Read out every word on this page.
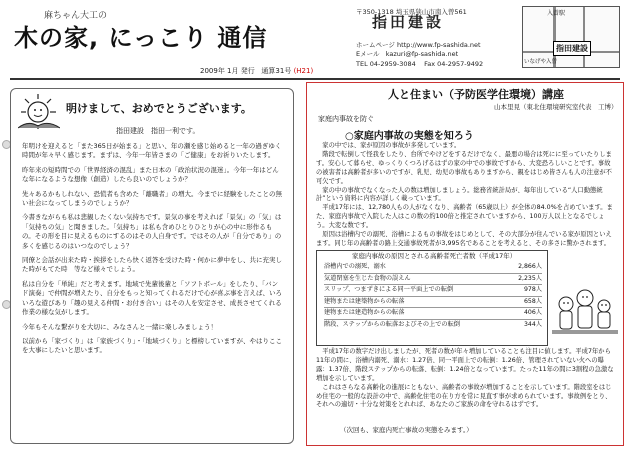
麻ちゃん大工の
木の家, にっこり 通信
2009年 1月 発行 通算31号 (H21)
〒350-1318 埼玉県狭山市南入曽561
指田建設
ホームページ http://www.fp-sashida.net
Eメール kazuri@fp-sashida.net
TEL 04-2959-3084 Fax 04-2957-9492
入曽駅
指田建設
いなげや入曽
明けまして、おめでとうございます。
指田建設　指田一利です。

年明けを迎えると「また365日が始まる」と思い、年の瀬を感じ始めると一年の過ぎゆく時間が年々早く感じます。まずは、今年一年皆さまの「ご健康」をお祈りいたします。

昨年来の短時間での「世界経済の混乱」また日本の「政治状況の混迷」。今年一年はどんな年になるような想像（創造）したら良いのでしょうか？

先々あるかもしれない、恐慌者も含めた「離職者」の増大。今までに経験をしたことの無い社会になってしまうのでしょうか？

今書きながらも私は悲観したくない気持ちです。景気の事を考えれば「景気」の「気」は「気持ちの気」と聞きました。「気持ち」は私も含めひとりひとりが心の中に形作るもの。その形を目に見えるものにするのはその人自身です。ではその人が「自分であり」の多くを感じるのはいつなのでしょう？

同僚と会話が出来た時・挨拶をしたら快く返答を受けた時・何かに夢中をし、共に充実した時がもてた時　等など様々でしょう。

私は自分を「単純」だと考えます。地域で先輩後輩と「ソフトボール」をしたり、「バンド演奏」で仲間が増えたり、自分をもっと知ってくれるだけで心が喜ぶ事を言えば、いろいろな遊びあり「趣の見える仲間・お付き合い」はその人を安定させ、成長させてくれる作業の様な気がします。

今年もそんな繋がりを大切に、みなさんと一緒に楽しみましょう！

以前から「家づくり」は「家族づくり」・「地域づくり」と標榜していますが、やはりここを大事にしたいと思います。

人と住まい（予防医学住環境）講座
山本里見（東北住環境研究室代表　工博）
家庭内事故を防ぐ
○家庭内事故の実態を知ろう

家の中では、家が原因の事故が多発しています。

階段で転倒して怪我をしたり、台所でやけどをするだけでなく、最悪の場合は死にに至っていたりします。安心して暮らせ、ゆっくりくつろげるはずの家の中での事故ですから、大変恐ろしいことです。事故の被害者は高齢者が多いのですが、乳児、幼児の事故もありますから、親をはじめ皆さんも人の注意が不可欠です。

家の中の事故でなくなった人の数は増加しましょう。総務省統計局が、毎年出している“人口動態統計”という資料に内容が詳しく載っています。

平成17年には、12,780人もの人がなくなり、高齢者（65歳以上）が全体の84.0%を占めています。また、家庭内事故で入院した人はこの数の約100倍と推定されていますから、100万人以上となるでしょう。大変な数です。

原因は浴槽内での溺死、浴槽によるもの事故をはじめとして、その大部分が住んでいる家が原因といえます。同じ年の高齢者の路上交通事故死者が3,995名であることを考えると、その多さに驚かされます。

家庭内事故の原因とされる高齢者死亡者数（平成17年）
浴槽内での溺死、溺水	2,866人
気道閉塞を生じた食物の誤えん	2,235人
スリップ、つまずきによる同一平面上での転倒	978人
建物または建築物からの転落	658人
建物または建造物からの転落	406人
階段、ステップからの転落およびその上での転倒	344人

平成17年の数字だけ出しましたが、死者の数が年々増加していることも注目に値します。平成7年から11年の間に、浴槽内溺死、溺水：1.27倍、同一平面上での転倒：1.26倍、管理されていない火への曝露：1.37倍、階段ステップからの転落、転倒：1.24倍となっています。たった11年の間に3割程の急激な増加を示しています。

これはさらなる高齢化の進展にともない、高齢者の事故が増加することを示しています。階段室をはじめ住宅の一般的な設計の中で、高齢化住宅の在り方を常に見直す事が求められています。事故例をとり、それへの適切・十分な対策をとれれば、あなたのご家族の命を守れるはずです。

（次回も、家庭内死亡事故の実態をみます。）
